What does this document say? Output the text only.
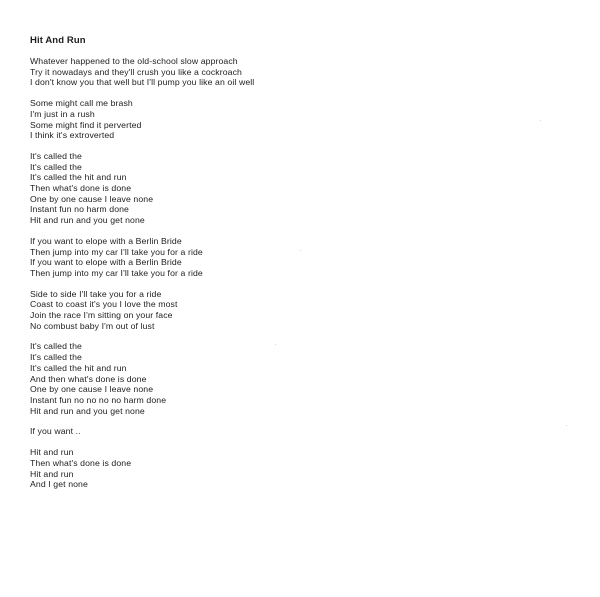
Hit And Run
Whatever happened to the old-school slow approach
Try it nowadays and they'll crush you like a cockroach
I don't know you that well but I'll pump you like an oil well
Some might call me brash
I'm just in a rush
Some might find it perverted
I think it's extroverted
It's called the
It's called the
It's called the hit and run
Then what's done is done
One by one cause I leave none
Instant fun no harm done
Hit and run and you get none
If you want to elope with a Berlin Bride
Then jump into my car I'll take you for a ride
If you want to elope with a Berlin Bride
Then jump into my car I'll take you for a ride
Side to side I'll take you for a ride
Coast to coast it's you I love the most
Join the race I'm sitting on your face
No combust baby I'm out of lust
It's called the
It's called the
It's called the hit and run
And then what's done is done
One by one cause I leave none
Instant fun no no no no harm done
Hit and run and you get none
If you want ..
Hit and run
Then what's done is done
Hit and run
And I get none
